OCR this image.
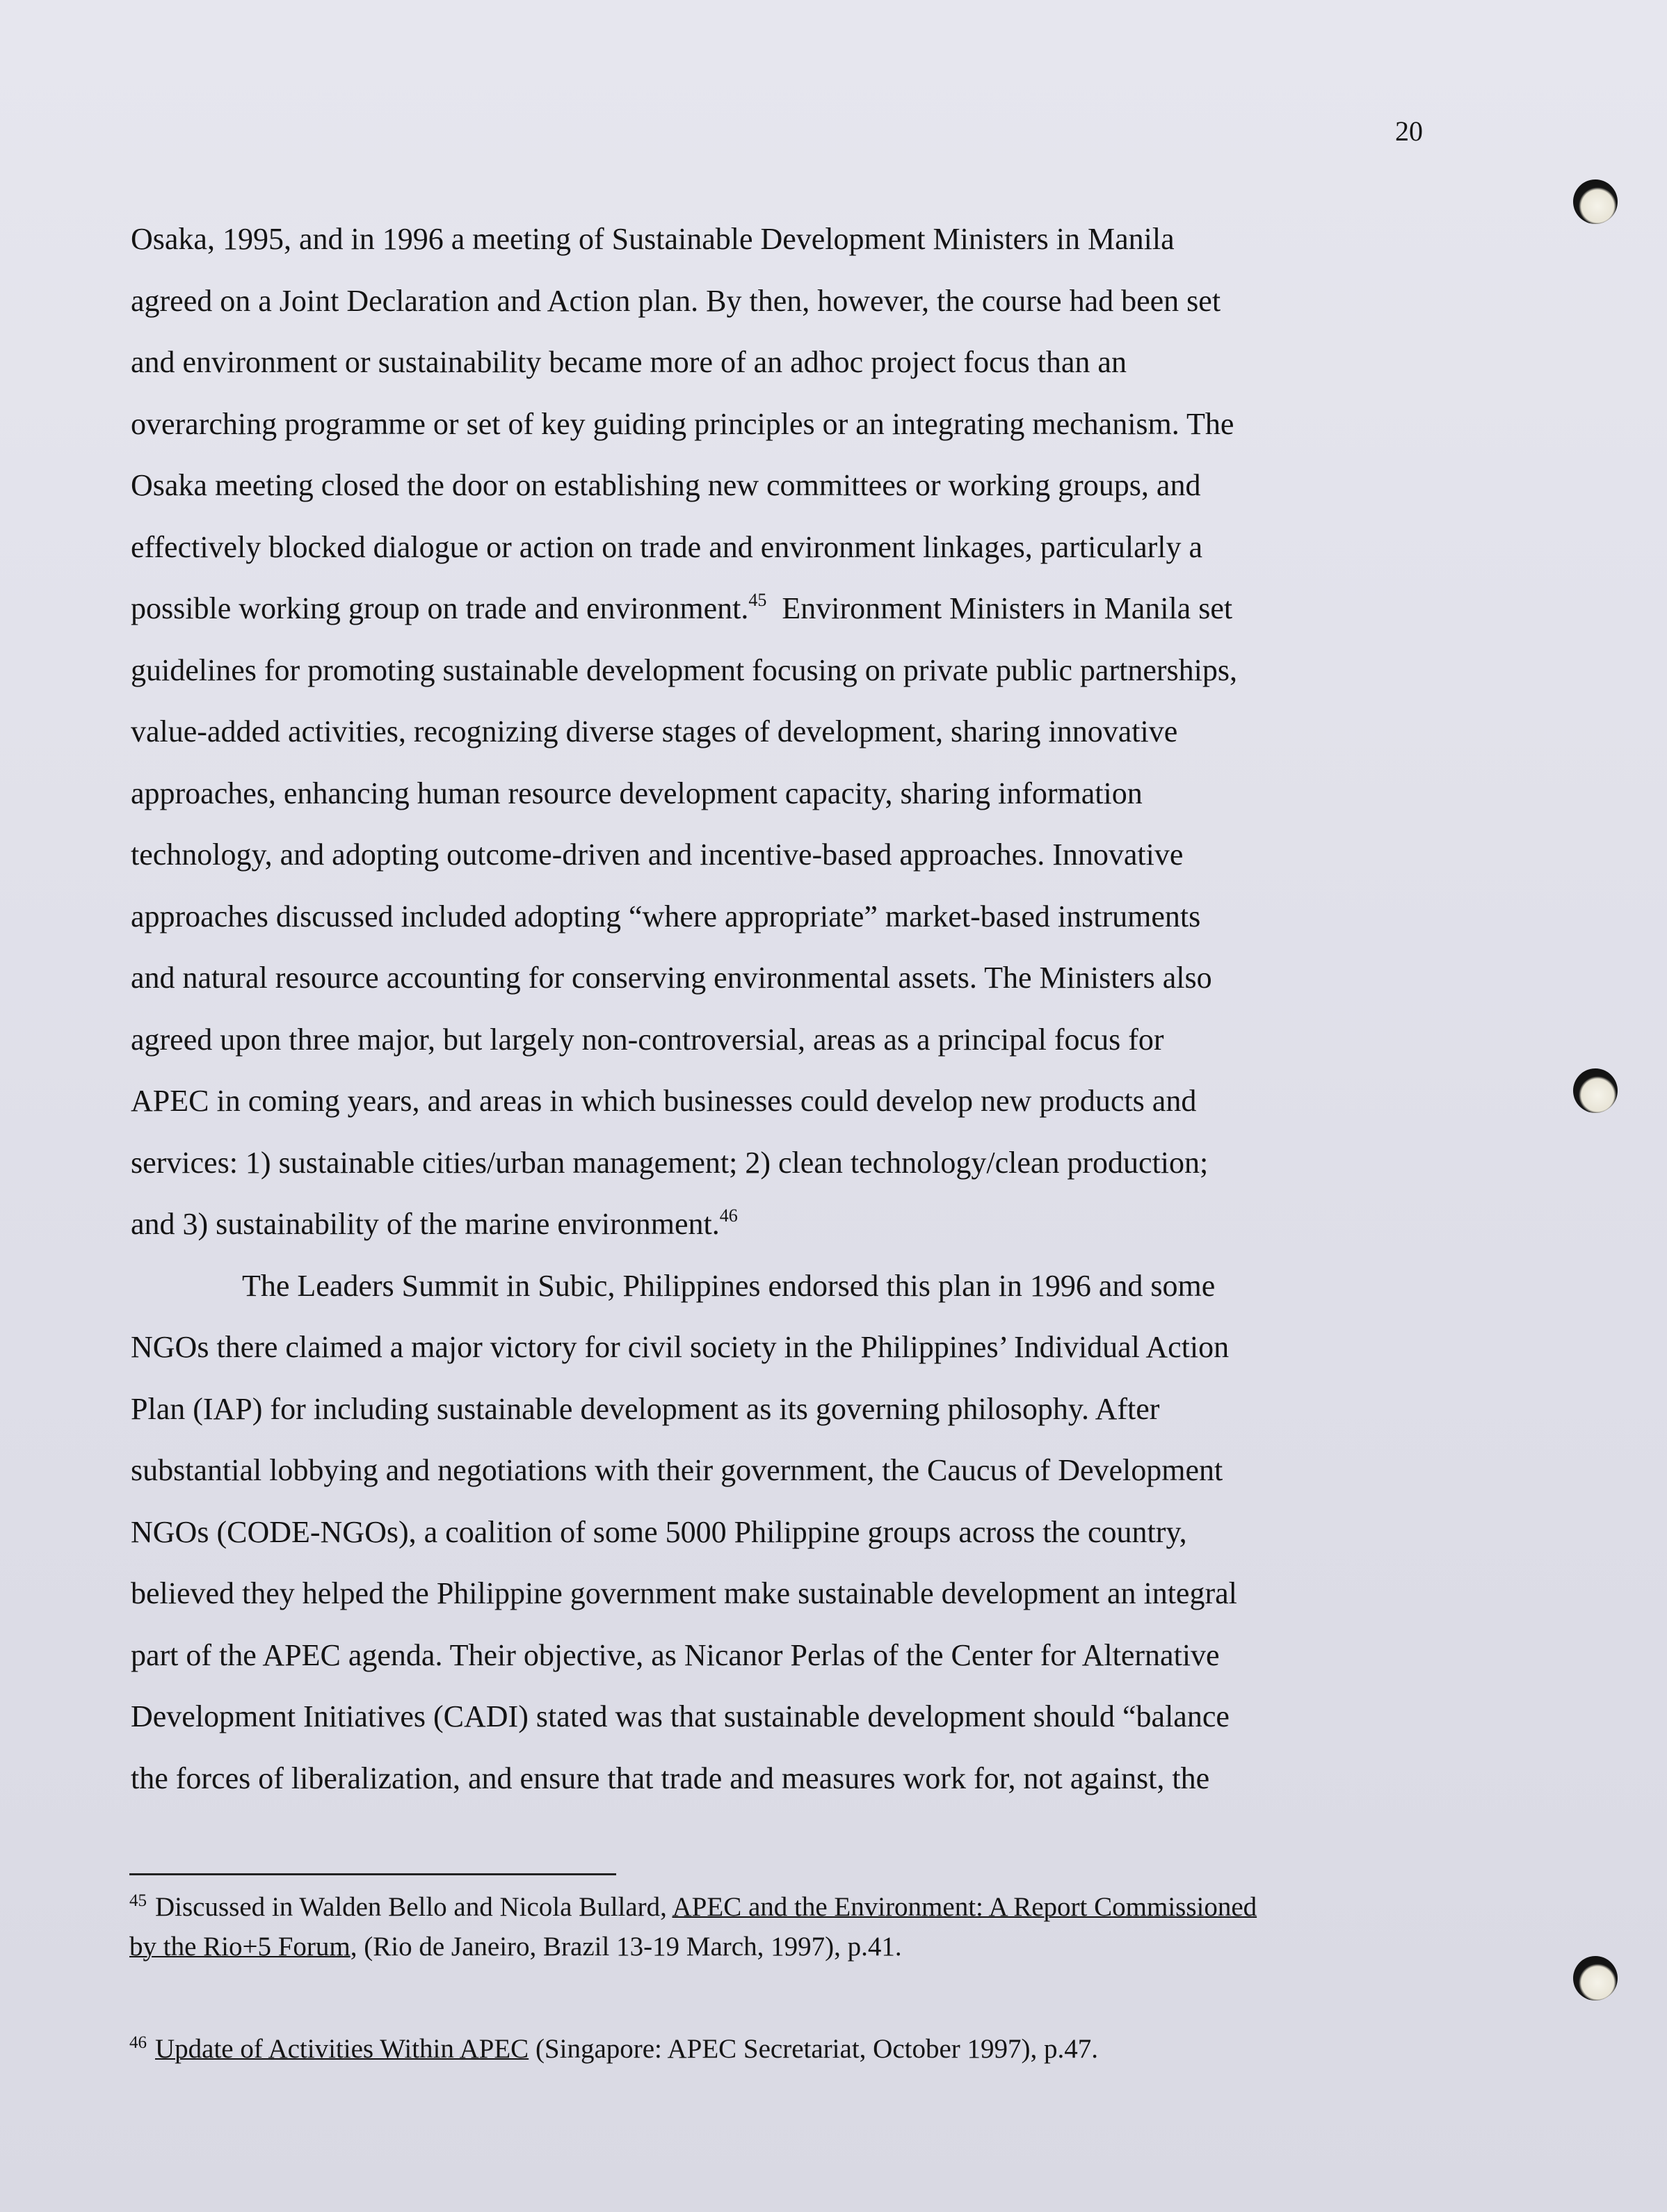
20
Osaka, 1995, and in 1996 a meeting of Sustainable Development Ministers in Manila
agreed on a Joint Declaration and Action plan. By then, however, the course had been set
and environment or sustainability became more of an adhoc project focus than an
overarching programme or set of key guiding principles or an integrating mechanism. The
Osaka meeting closed the door on establishing new committees or working groups, and
effectively blocked dialogue or action on trade and environment linkages, particularly a
possible working group on trade and environment.$^{45}$  Environment Ministers in Manila set
guidelines for promoting sustainable development focusing on private public partnerships,
value-added activities, recognizing diverse stages of development, sharing innovative
approaches, enhancing human resource development capacity, sharing information
technology, and adopting outcome-driven and incentive-based approaches. Innovative
approaches discussed included adopting “where appropriate” market-based instruments
and natural resource accounting for conserving environmental assets. The Ministers also
agreed upon three major, but largely non-controversial, areas as a principal focus for
APEC in coming years, and areas in which businesses could develop new products and
services: 1) sustainable cities/urban management; 2) clean technology/clean production;
and 3) sustainability of the marine environment.$^{46}$
The Leaders Summit in Subic, Philippines endorsed this plan in 1996 and some
NGOs there claimed a major victory for civil society in the Philippines’ Individual Action
Plan (IAP) for including sustainable development as its governing philosophy. After
substantial lobbying and negotiations with their government, the Caucus of Development
NGOs (CODE-NGOs), a coalition of some 5000 Philippine groups across the country,
believed they helped the Philippine government make sustainable development an integral
part of the APEC agenda. Their objective, as Nicanor Perlas of the Center for Alternative
Development Initiatives (CADI) stated was that sustainable development should “balance
the forces of liberalization, and ensure that trade and measures work for, not against, the
$^{45}$ Discussed in Walden Bello and Nicola Bullard, APEC and the Environment: A Report Commissioned
by the Rio+5 Forum, (Rio de Janeiro, Brazil 13-19 March, 1997), p.41.
$^{46}$ Update of Activities Within APEC (Singapore: APEC Secretariat, October 1997), p.47.
